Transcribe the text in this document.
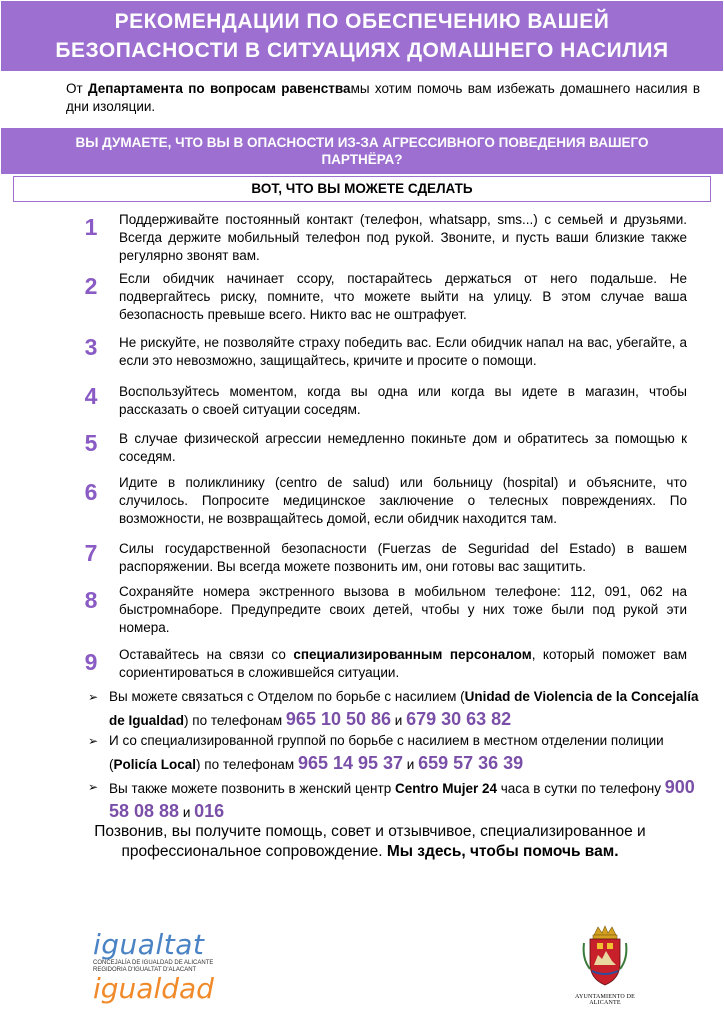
РЕКОМЕНДАЦИИ ПО ОБЕСПЕЧЕНИЮ ВАШЕЙ
БЕЗОПАСНОСТИ В СИТУАЦИЯХ ДОМАШНЕГО НАСИЛИЯ
От Департамента по вопросам равенствамы хотим помочь вам избежать домашнего насилия в дни изоляции.
ВЫ ДУМАЕТЕ, ЧТО ВЫ В ОПАСНОСТИ ИЗ-ЗА АГРЕССИВНОГО ПОВЕДЕНИЯ ВАШЕГО
ПАРТНЁРА?
ВОТ, ЧТО ВЫ МОЖЕТЕ СДЕЛАТЬ
1	Поддерживайте постоянный контакт (телефон, whatsapp, sms...) с семьей и друзьями. Всегда держите мобильный телефон под рукой. Звоните, и пусть ваши близкие также регулярно звонят вам.
2	Если обидчик начинает ссору, постарайтесь держаться от него подальше. Не подвергайтесь риску, помните, что можете выйти на улицу. В этом случае ваша безопасность превыше всего. Никто вас не оштрафует.
3	Не рискуйте, не позволяйте страху победить вас. Если обидчик напал на вас, убегайте, а если это невозможно, защищайтесь, кричите и просите о помощи.
4	Воспользуйтесь моментом, когда вы одна или когда вы идете в магазин, чтобы рассказать о своей ситуации соседям.
5	В случае физической агрессии немедленно покиньте дом и обратитесь за помощью к соседям.
6	Идите в поликлинику (centro de salud) или больницу (hospital) и объясните, что случилось. Попросите медицинское заключение о телесных повреждениях. По возможности, не возвращайтесь домой, если обидчик находится там.
7	Силы государственной безопасности (Fuerzas de Seguridad del Estado) в вашем распоряжении. Вы всегда можете позвонить им, они готовы вас защитить.
8	Сохраняйте номера экстренного вызова в мобильном телефоне: 112, 091, 062 на быстромнаборе. Предупредите своих детей, чтобы у них тоже были под рукой эти номера.
9	Оставайтесь на связи со специализированным персоналом, который поможет вам сориентироваться в сложившейся ситуации.
➢ Вы можете связаться с Отделом по борьбе с насилием (Unidad de Violencia de la Concejalía de Igualdad) по телефонам 965 10 50 86 и 679 30 63 82
➢ И со специализированной группой по борьбе с насилием в местном отделении полиции (Policía Local) по телефонам 965 14 95 37 и 659 57 36 39
➢ Вы также можете позвонить в женский центр Centro Mujer 24 часа в сутки по телефону 900 58 08 88 и 016
Позвонив, вы получите помощь, совет и отзывчивое, специализированное и профессиональное сопровождение. Мы здесь, чтобы помочь вам.
igualtat
CONCEJALÍA DE IGUALDAD DE ALICANTE
REGIDORIA D'IGUALTAT D'ALACANT
igualdad	AYUNTAMIENTO DE ALICANTE
